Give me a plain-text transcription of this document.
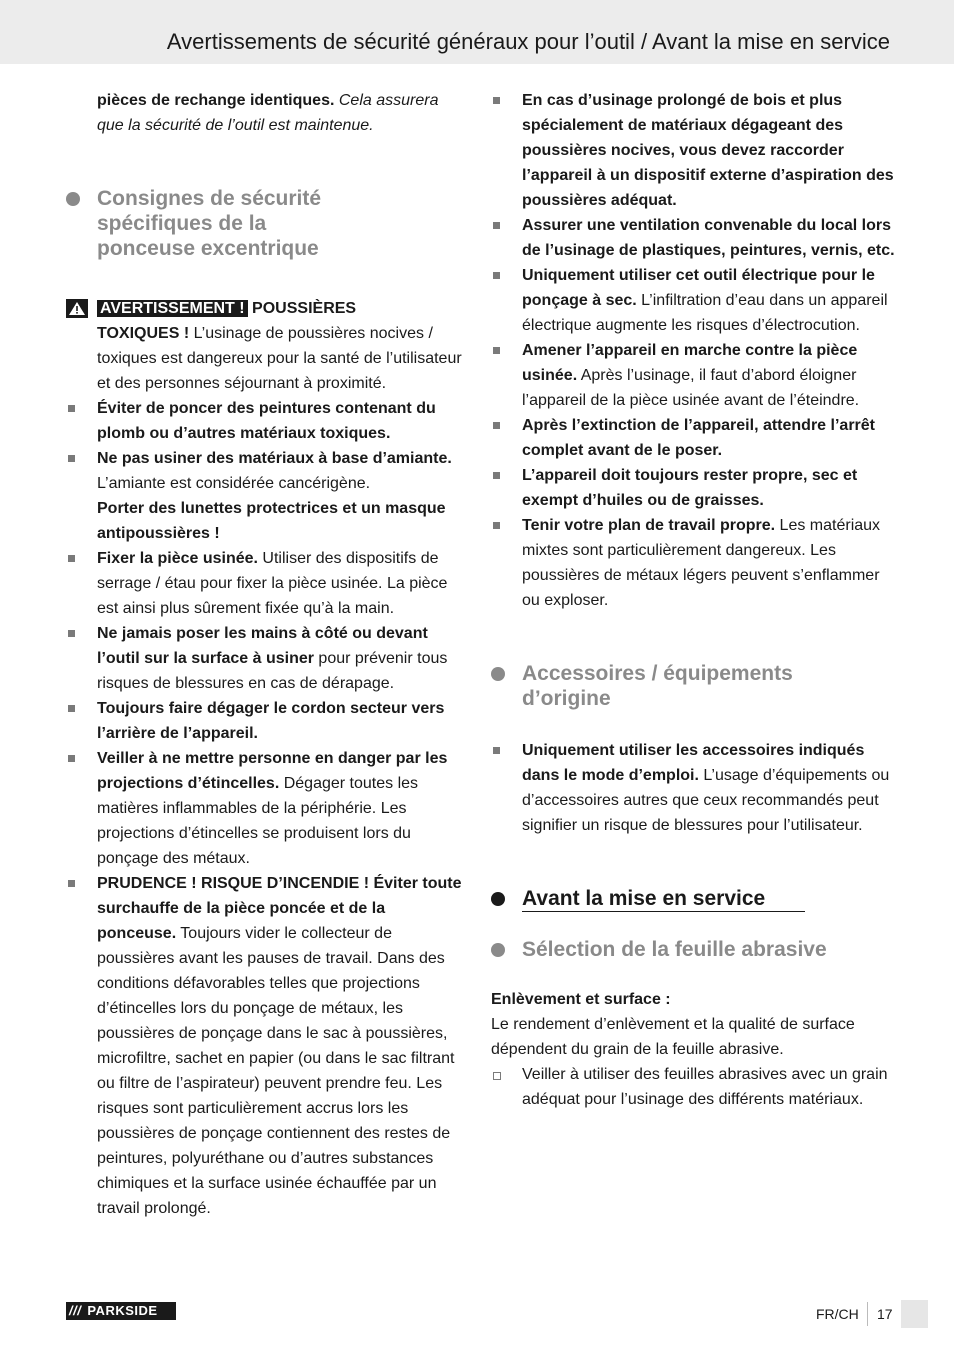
Avertissements de sécurité généraux pour l’outil / Avant la mise en service

pièces de rechange identiques. Cela assurera que la sécurité de l’outil est maintenue.

Consignes de sécurité
spécifiques de la
ponceuse excentrique
AVERTISSEMENT ! POUSSIÈRES
TOXIQUES ! L’usinage de poussières nocives / toxiques est dangereux pour la santé de l’utilisateur et des personnes séjournant à proximité.
Éviter de poncer des peintures contenant du plomb ou d’autres matériaux toxiques.
Ne pas usiner des matériaux à base d’amiante. L’amiante est considérée cancérigène.
Porter des lunettes protectrices et un masque antipoussières !
Fixer la pièce usinée. Utiliser des dispositifs de serrage / étau pour fixer la pièce usinée. La pièce est ainsi plus sûrement fixée qu’à la main.
Ne jamais poser les mains à côté ou devant l’outil sur la surface à usiner pour prévenir tous risques de blessures en cas de dérapage.
Toujours faire dégager le cordon secteur vers l’arrière de l’appareil.
Veiller à ne mettre personne en danger par les projections d’étincelles. Dégager toutes les matières inflammables de la périphérie. Les projections d’étincelles se produisent lors du ponçage des métaux.
PRUDENCE ! RISQUE D’INCENDIE ! Éviter toute surchauffe de la pièce poncée et de la ponceuse. Toujours vider le collecteur de poussières avant les pauses de travail. Dans des conditions défavorables telles que projections d’étincelles lors du ponçage de métaux, les poussières de ponçage dans le sac à poussières, microfiltre, sachet en papier (ou dans le sac filtrant ou filtre de l’aspirateur) peuvent prendre feu. Les risques sont particulièrement accrus lors les poussières de ponçage contiennent des restes de peintures, polyuréthane ou d’autres substances chimiques et la surface usinée échauffée par un travail prolongé.
En cas d’usinage prolongé de bois et plus spécialement de matériaux dégageant des poussières nocives, vous devez raccorder l’appareil à un dispositif externe d’aspiration des poussières adéquat.
Assurer une ventilation convenable du local lors de l’usinage de plastiques, peintures, vernis, etc.
Uniquement utiliser cet outil électrique pour le ponçage à sec. L’infiltration d’eau dans un appareil électrique augmente les risques d’électrocution.
Amener l’appareil en marche contre la pièce usinée. Après l’usinage, il faut d’abord éloigner l’appareil de la pièce usinée avant de l’éteindre.
Après l’extinction de l’appareil, attendre l’arrêt complet avant de le poser.
L’appareil doit toujours rester propre, sec et exempt d’huiles ou de graisses.
Tenir votre plan de travail propre. Les matériaux mixtes sont particulièrement dangereux. Les poussières de métaux légers peuvent s’enflammer ou exploser.
Accessoires / équipements
d’origine
Uniquement utiliser les accessoires indiqués dans le mode d’emploi. L’usage d’équipements ou d’accessoires autres que ceux recommandés peut signifier un risque de blessures pour l’utilisateur.
Avant la mise en service
Sélection de la feuille abrasive

Enlèvement et surface :

Le rendement d’enlèvement et la qualité de surface dépendent du grain de la feuille abrasive.

Veiller à utiliser des feuilles abrasives avec un grain adéquat pour l’usinage des différents matériaux.
/// PARKSIDE	FR/CH 17
